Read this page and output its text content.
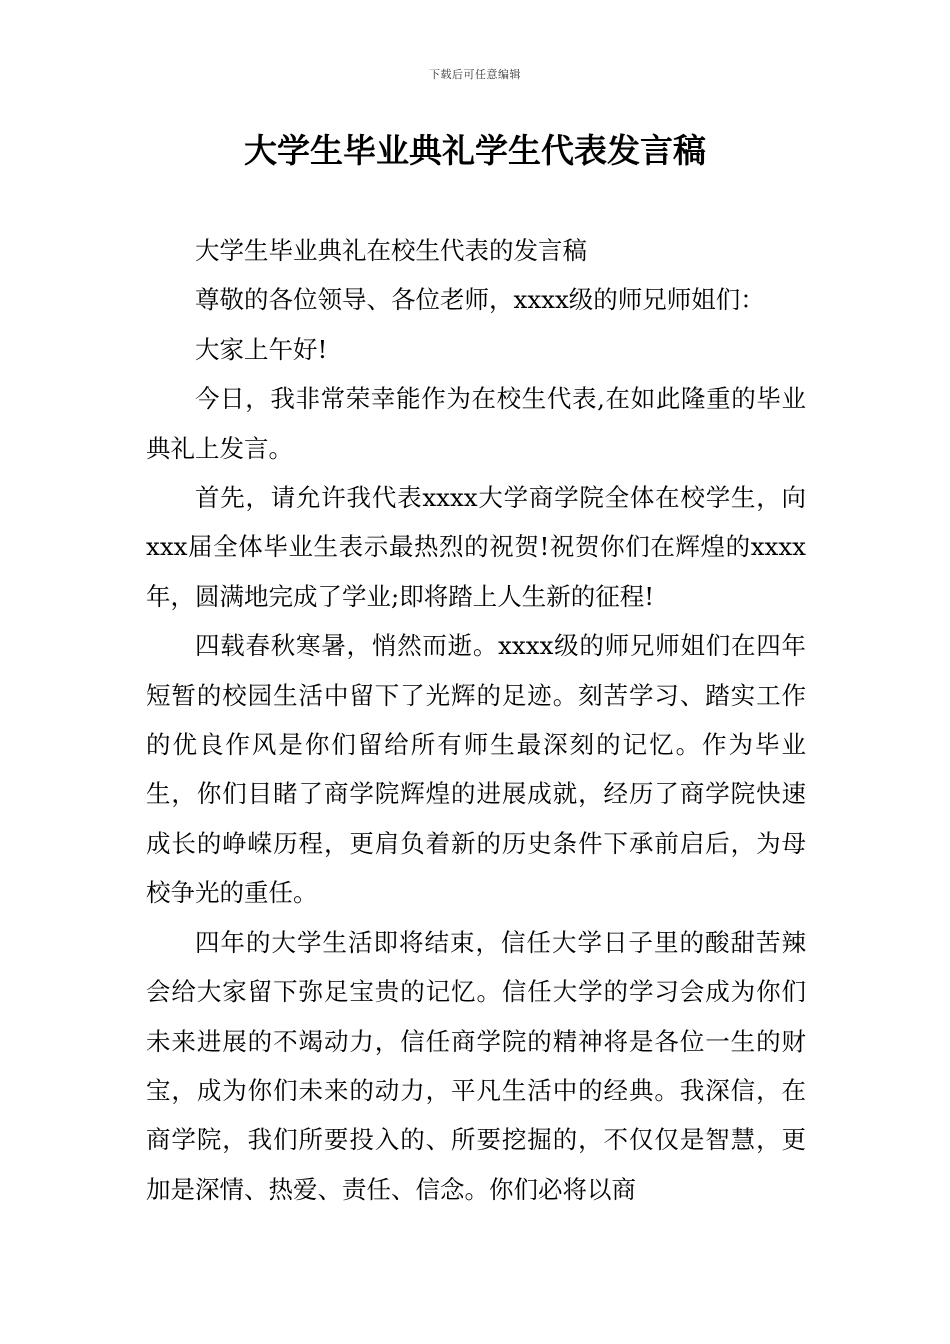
下载后可任意编辑
大学生毕业典礼学生代表发言稿

大学生毕业典礼在校生代表的发言稿

尊敬的各位领导、各位老师，xxxx级的师兄师姐们：

大家上午好!

今日，我非常荣幸能作为在校生代表,在如此隆重的毕业典礼上发言。

首先，请允许我代表xxxx大学商学院全体在校学生，向xxx届全体毕业生表示最热烈的祝贺!祝贺你们在辉煌的xxxx年，圆满地完成了学业;即将踏上人生新的征程!

四载春秋寒暑，悄然而逝。xxxx级的师兄师姐们在四年短暂的校园生活中留下了光辉的足迹。刻苦学习、踏实工作的优良作风是你们留给所有师生最深刻的记忆。作为毕业生，你们目睹了商学院辉煌的进展成就，经历了商学院快速成长的峥嵘历程，更肩负着新的历史条件下承前启后，为母校争光的重任。

四年的大学生活即将结束，信任大学日子里的酸甜苦辣会给大家留下弥足宝贵的记忆。信任大学的学习会成为你们未来进展的不竭动力，信任商学院的精神将是各位一生的财宝，成为你们未来的动力，平凡生活中的经典。我深信，在商学院，我们所要投入的、所要挖掘的，不仅仅是智慧，更加是深情、热爱、责任、信念。你们必将以商
